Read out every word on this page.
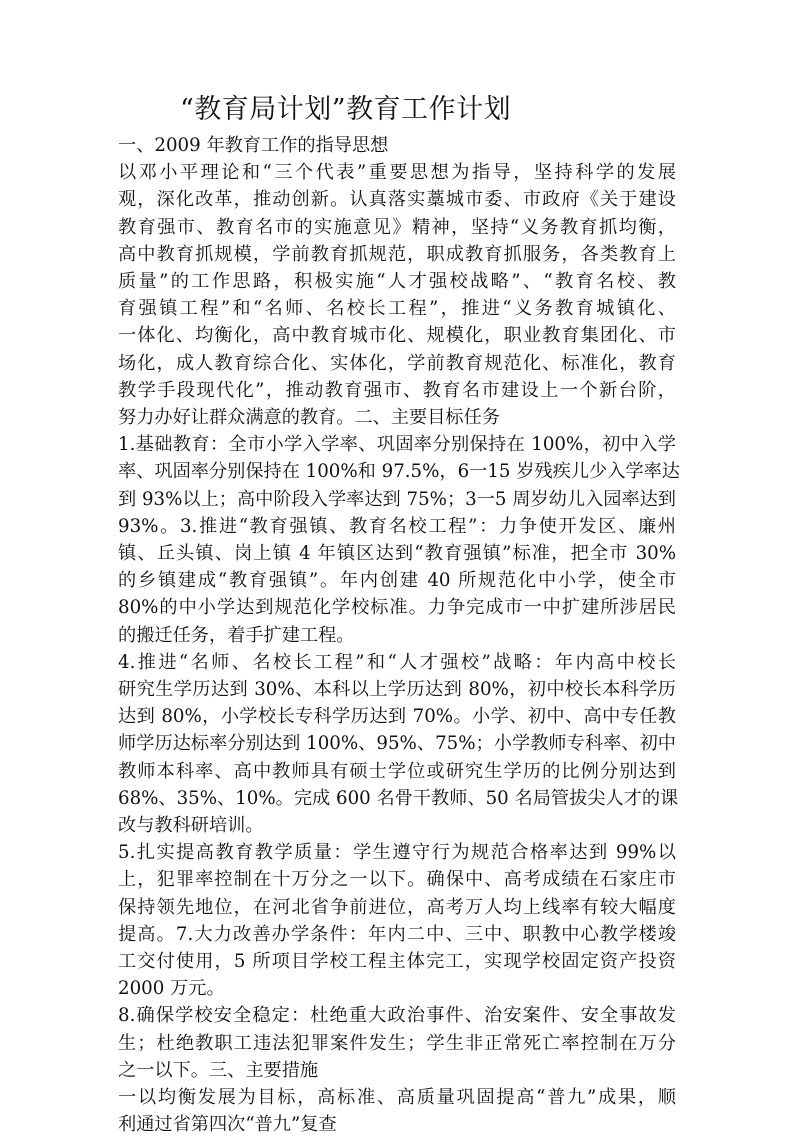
“教育局计划”教育工作计划
一、2009 年教育工作的指导思想
以邓小平理论和“三个代表”重要思想为指导，坚持科学的发展
观，深化改革，推动创新。认真落实藁城市委、市政府《关于建设
教育强市、教育名市的实施意见》精神，坚持“义务教育抓均衡，
高中教育抓规模，学前教育抓规范，职成教育抓服务，各类教育上
质量”的工作思路，积极实施“人才强校战略”、“教育名校、教
育强镇工程”和“名师、名校长工程”，推进“义务教育城镇化、
一体化、均衡化，高中教育城市化、规模化，职业教育集团化、市
场化，成人教育综合化、实体化，学前教育规范化、标准化，教育
教学手段现代化”，推动教育强市、教育名市建设上一个新台阶，
努力办好让群众满意的教育。二、主要目标任务
1.基础教育：全市小学入学率、巩固率分别保持在 100%，初中入学
率、巩固率分别保持在 100%和 97.5%，6一15 岁残疾儿少入学率达
到 93%以上；高中阶段入学率达到 75%；3一5 周岁幼儿入园率达到
93%。3.推进“教育强镇、教育名校工程”：力争使开发区、廉州
镇、丘头镇、岗上镇 4 年镇区达到“教育强镇”标准，把全市 30%
的乡镇建成“教育强镇”。年内创建 40 所规范化中小学，使全市
80%的中小学达到规范化学校标准。力争完成市一中扩建所涉居民
的搬迁任务，着手扩建工程。
4.推进“名师、名校长工程”和“人才强校”战略：年内高中校长
研究生学历达到 30%、本科以上学历达到 80%，初中校长本科学历
达到 80%，小学校长专科学历达到 70%。小学、初中、高中专任教
师学历达标率分别达到 100%、95%、75%；小学教师专科率、初中
教师本科率、高中教师具有硕士学位或研究生学历的比例分别达到
68%、35%、10%。完成 600 名骨干教师、50 名局管拔尖人才的课
改与教科研培训。
5.扎实提高教育教学质量：学生遵守行为规范合格率达到 99%以
上，犯罪率控制在十万分之一以下。确保中、高考成绩在石家庄市
保持领先地位，在河北省争前进位，高考万人均上线率有较大幅度
提高。7.大力改善办学条件：年内二中、三中、职教中心教学楼竣
工交付使用，5 所项目学校工程主体完工，实现学校固定资产投资
2000 万元。
8.确保学校安全稳定：杜绝重大政治事件、治安案件、安全事故发
生；杜绝教职工违法犯罪案件发生；学生非正常死亡率控制在万分
之一以下。三、主要措施
一以均衡发展为目标，高标准、高质量巩固提高“普九”成果，顺
利通过省第四次“普九”复查
